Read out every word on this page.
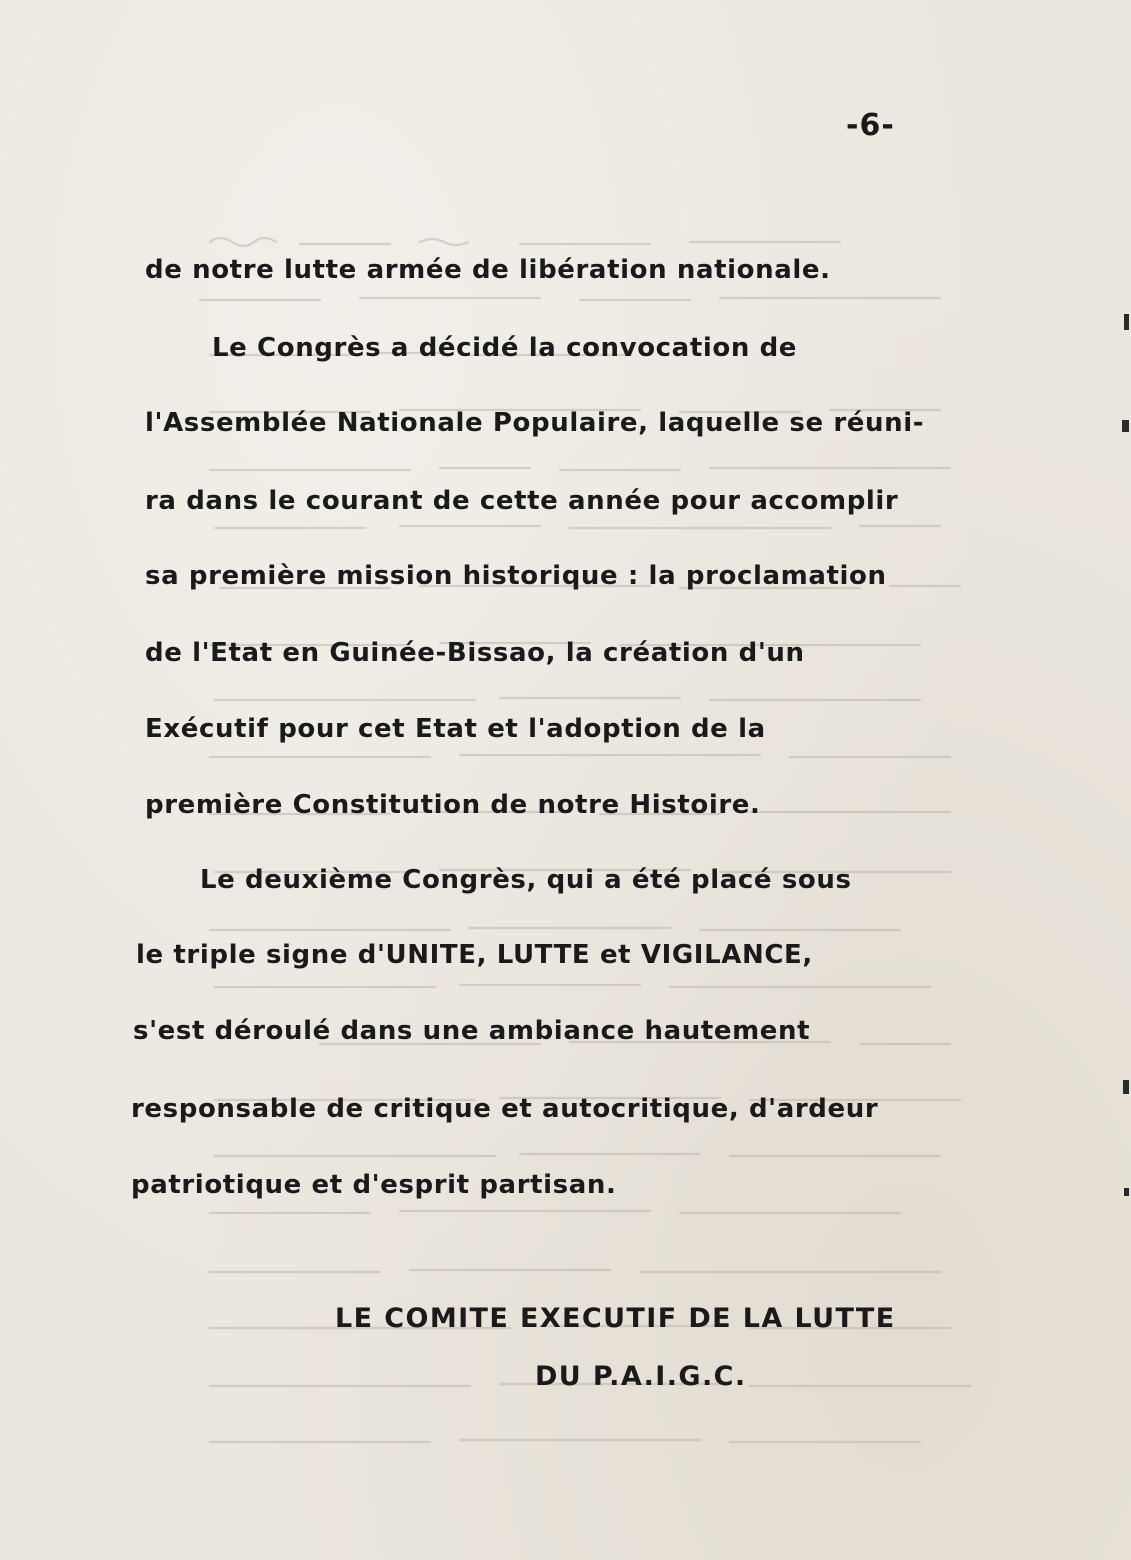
-6-
de notre lutte armée de libération nationale.
Le Congrès a décidé la convocation de
l'Assemblée Nationale Populaire, laquelle se réuni-
ra dans le courant de cette année pour accomplir
sa première mission historique : la proclamation
de l'Etat en Guinée-Bissao, la création d'un
Exécutif pour cet Etat et l'adoption de la
première Constitution de notre Histoire.
Le deuxième Congrès, qui a été placé sous
le triple signe d'UNITE, LUTTE et VIGILANCE,
s'est déroulé dans une ambiance hautement
responsable de critique et autocritique, d'ardeur
patriotique et d'esprit partisan.
LE COMITE EXECUTIF DE LA LUTTE
DU P.A.I.G.C.
